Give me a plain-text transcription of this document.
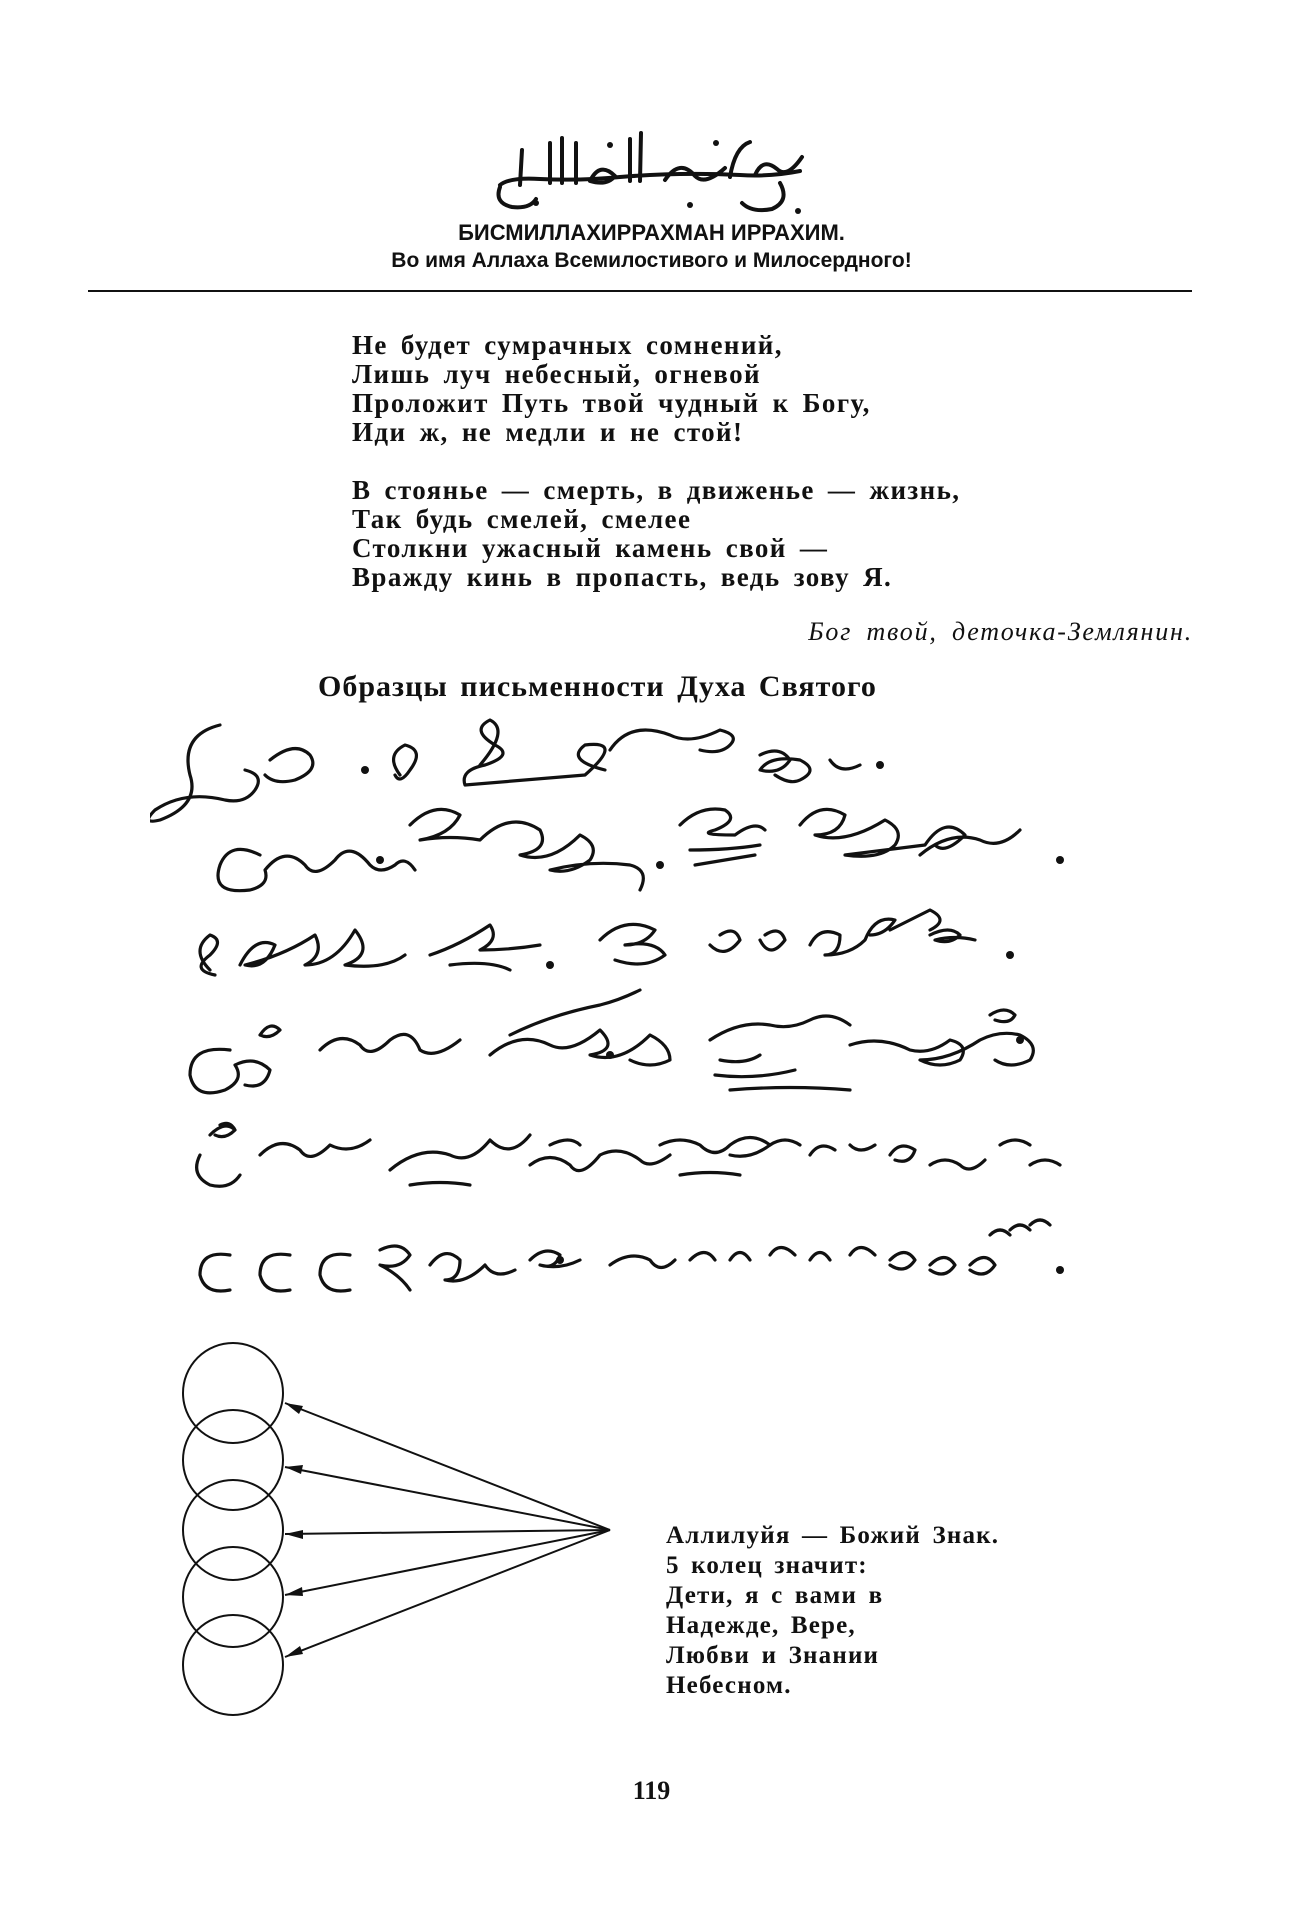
БИСМИЛЛАХИРРАХМАН ИРРАХИМ.
Во имя Аллаха Всемилостивого и Милосердного!
Не будет сумрачных сомнений,
Лишь луч небесный, огневой
Проложит Путь твой чудный к Богу,
Иди ж, не медли и не стой!
В стоянье — смерть, в движенье — жизнь,
Так будь смелей, смелее
Столкни ужасный камень свой —
Вражду кинь в пропасть, ведь зову Я.
Бог твой, деточка-Землянин.
Образцы письменности Духа Святого
Аллилуйя — Божий Знак.
5 колец значит:
Дети, я с вами в
Надежде, Вере,
Любви и Знании
Небесном.
119
